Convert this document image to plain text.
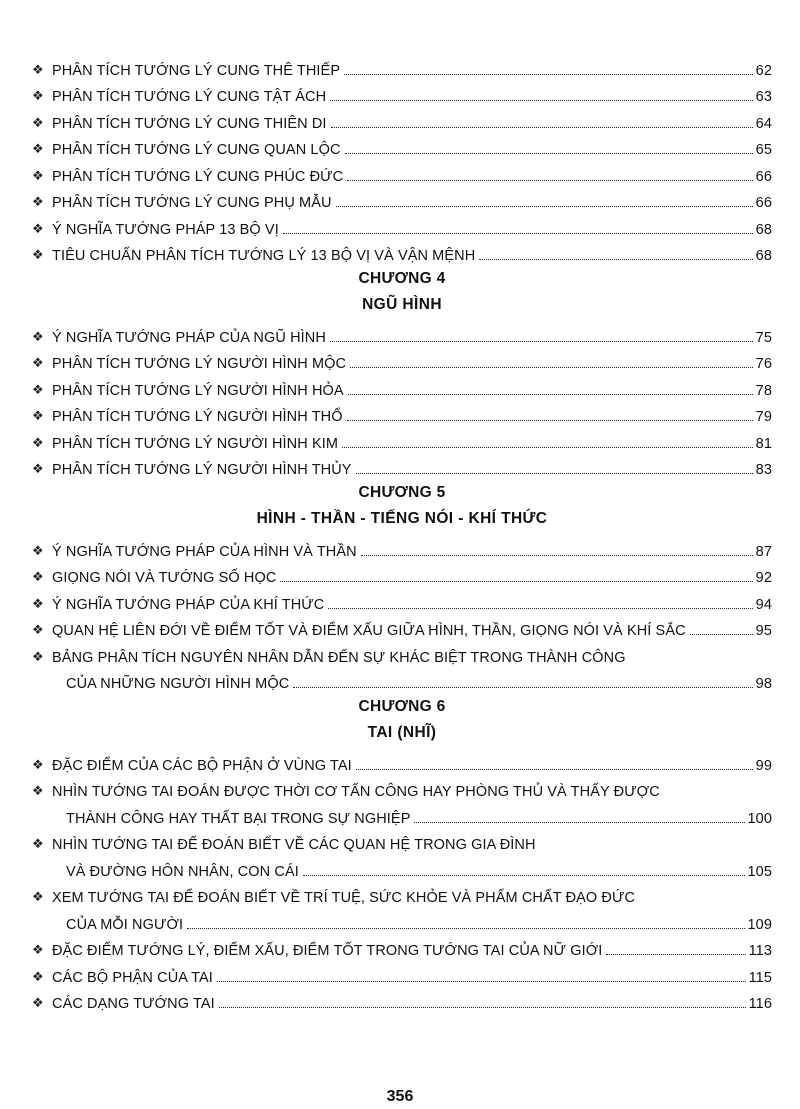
❖ PHÂN TÍCH TƯỚNG LÝ CUNG THÊ THIẾP	62
❖ PHÂN TÍCH TƯỚNG LÝ CUNG TẬT ÁCH	63
❖ PHÂN TÍCH TƯỚNG LÝ CUNG THIÊN DI	64
❖ PHÂN TÍCH TƯỚNG LÝ CUNG QUAN LỘC	65
❖ PHÂN TÍCH TƯỚNG LÝ CUNG PHÚC ĐỨC	66
❖ PHÂN TÍCH TƯỚNG LÝ CUNG PHỤ MẪU	66
❖ Ý NGHĨA TƯỚNG PHÁP 13 BỘ VỊ	68
❖ TIÊU CHUẨN PHÂN TÍCH TƯỚNG LÝ 13 BỘ VỊ VÀ VẬN MỆNH	68
CHƯƠNG 4
NGŨ HÌNH
❖ Ý NGHĨA TƯỚNG PHÁP CỦA NGŨ HÌNH	75
❖ PHÂN TÍCH TƯỚNG LÝ NGƯỜI HÌNH MỘC	76
❖ PHÂN TÍCH TƯỚNG LÝ NGƯỜI HÌNH HỎA	78
❖ PHÂN TÍCH TƯỚNG LÝ NGƯỜI HÌNH THỔ	79
❖ PHÂN TÍCH TƯỚNG LÝ NGƯỜI HÌNH KIM	81
❖ PHÂN TÍCH TƯỚNG LÝ NGƯỜI HÌNH THỦY	83
CHƯƠNG 5
HÌNH - THẦN - TIẾNG NÓI - KHÍ THỨC
❖ Ý NGHĨA TƯỚNG PHÁP CỦA HÌNH VÀ THẦN	87
❖ GIỌNG NÓI VÀ TƯỚNG SỐ HỌC	92
❖ Ý NGHĨA TƯỚNG PHÁP CỦA KHÍ THỨC	94
❖ QUAN HỆ LIÊN ĐỚI VỀ ĐIỂM TỐT VÀ ĐIỂM XẤU GIỮA HÌNH, THẦN, GIỌNG NÓI VÀ KHÍ SẮC	95
❖ BẢNG PHÂN TÍCH NGUYÊN NHÂN DẪN ĐẾN SỰ KHÁC BIỆT TRONG THÀNH CÔNG
CỦA NHỮNG NGƯỜI HÌNH MỘC	98
CHƯƠNG 6
TAI (NHĨ)
❖ ĐẶC ĐIỂM CỦA CÁC BỘ PHẬN Ở VÙNG TAI	99
❖ NHÌN TƯỚNG TAI ĐOÁN ĐƯỢC THỜI CƠ TẤN CÔNG HAY PHÒNG THỦ VÀ THẤY ĐƯỢC
THÀNH CÔNG HAY THẤT BẠI TRONG SỰ NGHIỆP	100
❖ NHÌN TƯỚNG TAI ĐỂ ĐOÁN BIẾT VỀ CÁC QUAN HỆ TRONG GIA ĐÌNH
VÀ ĐƯỜNG HÔN NHÂN, CON CÁI	105
❖ XEM TƯỚNG TAI ĐỂ ĐOÁN BIẾT VỀ TRÍ TUỆ, SỨC KHỎE VÀ PHẨM CHẤT ĐẠO ĐỨC
CỦA MỖI NGƯỜI	109
❖ ĐẶC ĐIỂM TƯỚNG LÝ, ĐIỂM XẤU, ĐIỂM TỐT TRONG TƯỚNG TAI CỦA NỮ GIỚI	113
❖ CÁC BỘ PHẬN CỦA TAI	115
❖ CÁC DẠNG TƯỚNG TAI	116
356
